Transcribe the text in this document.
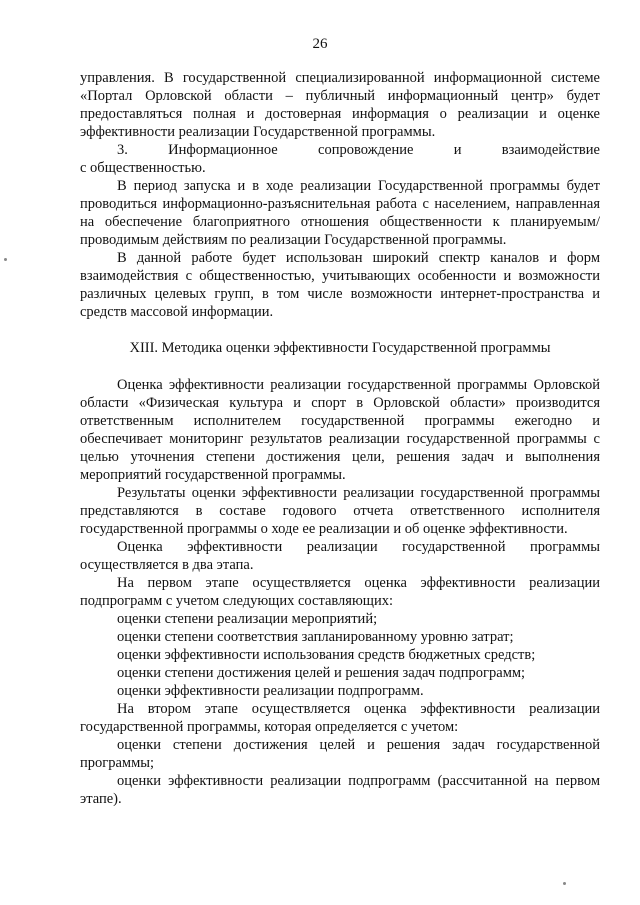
26

управления. В государственной специализированной информационной системе «Портал Орловской области – публичный информационный центр» будет предоставляться полная и достоверная информация о реализации и оценке эффективности реализации Государственной программы.

3.	Информационное	сопровождение	и	взаимодействие

с общественностью.

В период запуска и в ходе реализации Государственной программы будет проводиться информационно-разъяснительная работа с населением, направленная на обеспечение благоприятного отношения общественности к планируемым/проводимым действиям по реализации Государственной программы.

В данной работе будет использован широкий спектр каналов и форм взаимодействия с общественностью, учитывающих особенности и возможности различных целевых групп, в том числе возможности интернет-пространства и средств массовой информации.

XIII. Методика оценки эффективности Государственной программы

Оценка эффективности реализации государственной программы Орловской области «Физическая культура и спорт в Орловской области» производится ответственным исполнителем государственной программы ежегодно и обеспечивает мониторинг результатов реализации государственной программы с целью уточнения степени достижения цели, решения задач и выполнения мероприятий государственной программы.

Результаты оценки эффективности реализации государственной программы представляются в составе годового отчета ответственного исполнителя государственной программы о ходе ее реализации и об оценке эффективности.

Оценка эффективности реализации государственной программы осуществляется в два этапа.

На первом этапе осуществляется оценка эффективности реализации подпрограмм с учетом следующих составляющих:

оценки степени реализации мероприятий;

оценки степени соответствия запланированному уровню затрат;

оценки эффективности использования средств бюджетных средств;

оценки степени достижения целей и решения задач подпрограмм;

оценки эффективности реализации подпрограмм.

На втором этапе осуществляется оценка эффективности реализации государственной программы, которая определяется с учетом:

оценки степени достижения целей и решения задач государственной программы;

оценки эффективности реализации подпрограмм (рассчитанной на первом этапе).
